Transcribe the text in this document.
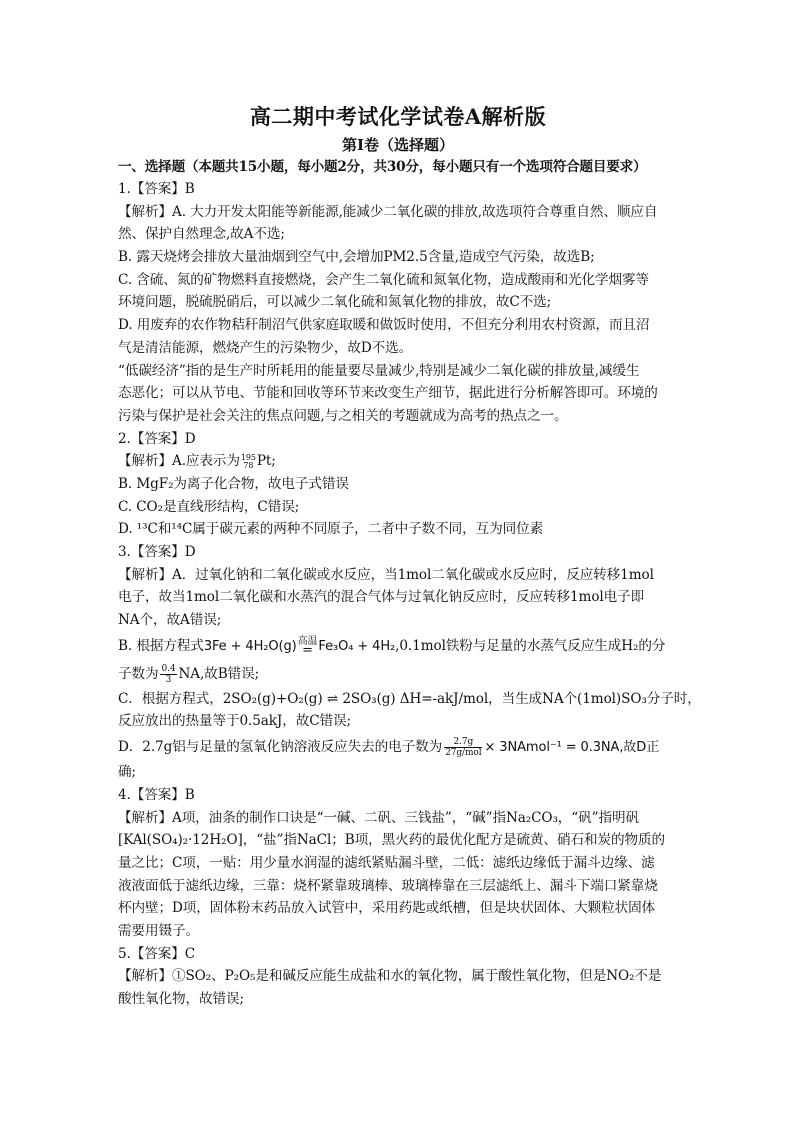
高二期中考试化学试卷A解析版
第Ⅰ卷（选择题）
一、选择题（本题共15小题，每小题2分，共30分，每小题只有一个选项符合题目要求）
1.【答案】B
【解析】A. 大力开发太阳能等新能源,能减少二氧化碳的排放,故选项符合尊重自然、顺应自
然、保护自然理念,故A不选;
B. 露天烧烤会排放大量油烟到空气中,会增加PM2.5含量,造成空气污染，故选B;
C. 含硫、氮的矿物燃料直接燃烧，会产生二氧化硫和氮氧化物，造成酸雨和光化学烟雾等
环境问题，脱硫脱硝后，可以减少二氧化硫和氮氧化物的排放，故C不选;
D. 用废弃的农作物秸秆制沼气供家庭取暖和做饭时使用，不但充分利用农村资源，而且沼
气是清洁能源，燃烧产生的污染物少，故D不选。
“低碳经济”指的是生产时所耗用的能量要尽量减少,特别是减少二氧化碳的排放量,减缓生
态恶化；可以从节电、节能和回收等环节来改变生产细节，据此进行分析解答即可。环境的
污染与保护是社会关注的焦点问题,与之相关的考题就成为高考的热点之一。
2.【答案】D
【解析】A.应表示为 195
78 Pt;
B. MgF₂为离子化合物，故电子式错误
C. CO₂是直线形结构，C错误;
D. ¹³C和¹⁴C属于碳元素的两种不同原子，二者中子数不同，互为同位素
3.【答案】D
【解析】A．过氧化钠和二氧化碳或水反应，当1mol二氧化碳或水反应时，反应转移1mol
电子，故当1mol二氧化碳和水蒸汽的混合气体与过氧化钠反应时，反应转移1mol电子即
NA个，故A错误;
B. 根据方程式3Fe + 4H₂O(g) 高温
= Fe₃O₄ + 4H₂,0.1mol铁粉与足量的水蒸气反应生成H₂的分
子数为 $\frac{0.4}{3}$ NA,故B错误;
C．根据方程式，2SO₂(g)+O₂(g) ⇌ 2SO₃(g) ΔH=-akJ/mol，当生成NA个(1mol)SO₃分子时，
反应放出的热量等于0.5akJ，故C错误;
D．2.7g铝与足量的氢氧化钠溶液反应失去的电子数为 $\frac{2.7g}{\text{27g/mol}}$ × 3NAmol⁻¹ = 0.3NA,故D正
确;
4.【答案】B
【解析】A项，油条的制作口诀是“一碱、二矾、三钱盐”，“碱”指Na₂CO₃，“矾”指明矾
[KAl(SO₄)₂·12H₂O]，“盐”指NaCl；B项，黑火药的最优化配方是硫黄、硝石和炭的物质的
量之比；C项，一贴：用少量水润湿的滤纸紧贴漏斗壁，二低：滤纸边缘低于漏斗边缘、滤
液液面低于滤纸边缘，三靠：烧杯紧靠玻璃棒、玻璃棒靠在三层滤纸上、漏斗下端口紧靠烧
杯内壁；D项，固体粉末药品放入试管中，采用药匙或纸槽，但是块状固体、大颗粒状固体
需要用镊子。
5.【答案】C
【解析】①SO₂、P₂O₅是和碱反应能生成盐和水的氧化物，属于酸性氧化物，但是NO₂不是
酸性氧化物，故错误;
